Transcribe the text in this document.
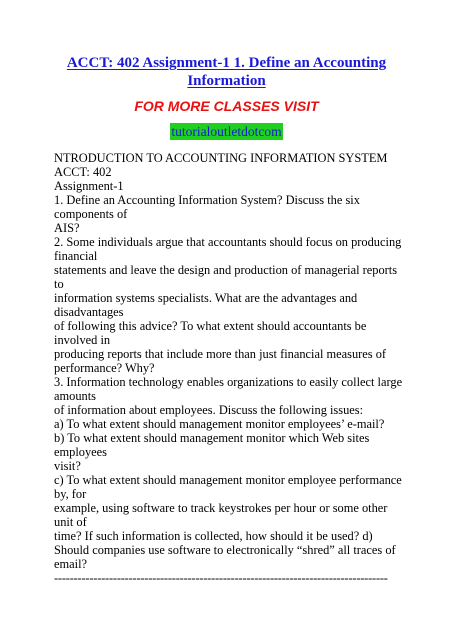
ACCT: 402 Assignment-1 1. Define an Accounting
Information
FOR MORE CLASSES VISIT
tutorialoutletdotcom
NTRODUCTION TO ACCOUNTING INFORMATION SYSTEM
ACCT: 402
Assignment-1
1. Define an Accounting Information System? Discuss the six
components of
AIS?
2. Some individuals argue that accountants should focus on producing
financial
statements and leave the design and production of managerial reports
to
information systems specialists. What are the advantages and
disadvantages
of following this advice? To what extent should accountants be
involved in
producing reports that include more than just financial measures of
performance? Why?
3. Information technology enables organizations to easily collect large
amounts
of information about employees. Discuss the following issues:
a) To what extent should management monitor employees’ e-mail?
b) To what extent should management monitor which Web sites
employees
visit?
c) To what extent should management monitor employee performance
by, for
example, using software to track keystrokes per hour or some other
unit of
time? If such information is collected, how should it be used? d)
Should companies use software to electronically “shred” all traces of
email?
-------------------------------------------------------------------------------------
